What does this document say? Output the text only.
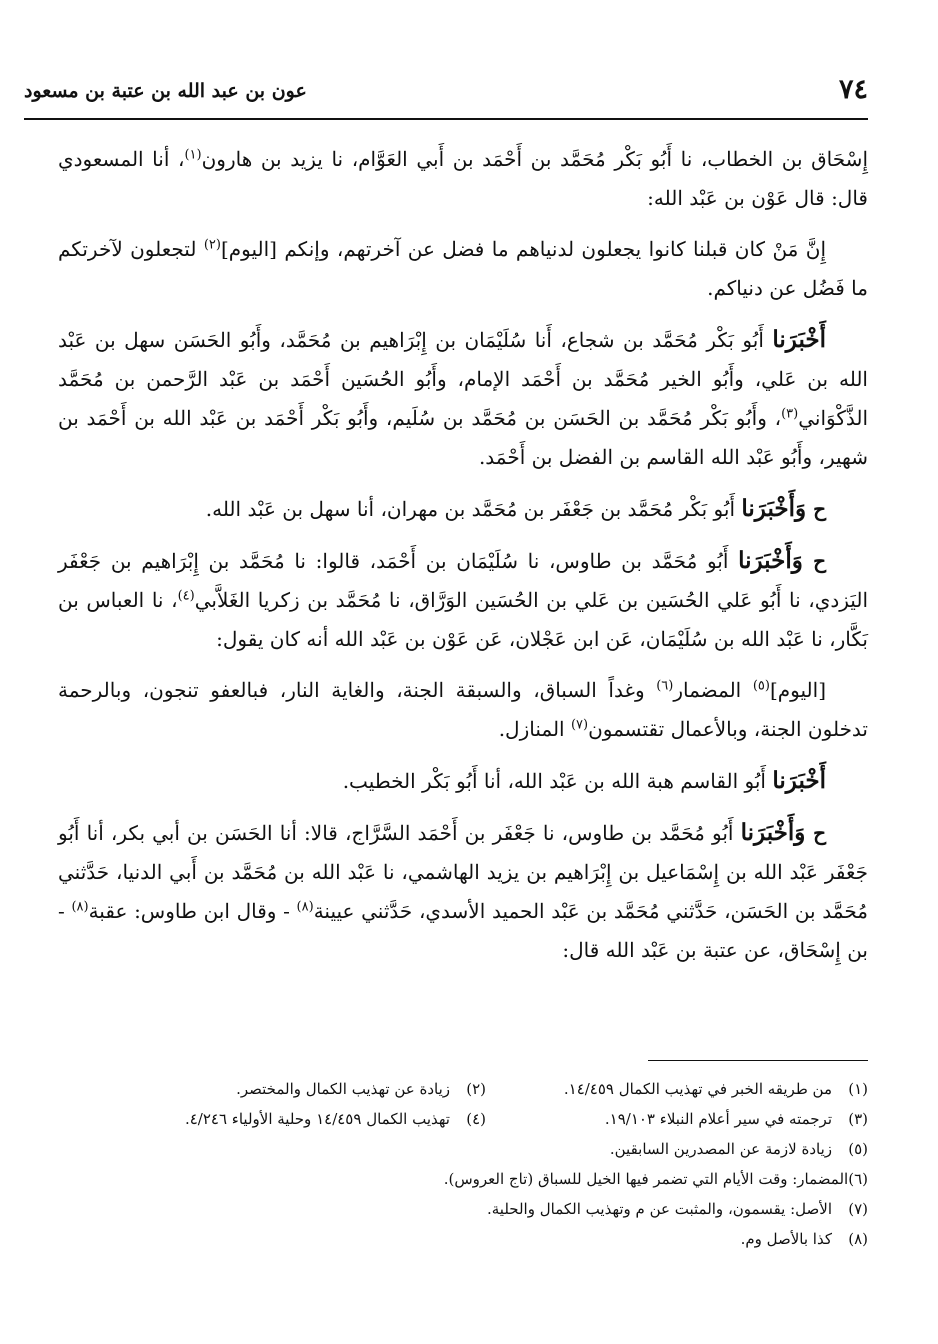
٧٤
عون بن عبد الله بن عتبة بن مسعود

إِسْحَاق بن الخطاب، نا أَبُو بَكْر مُحَمَّد بن أَحْمَد بن أَبي العَوَّام، نا يزيد بن هارون$^{(١)}$، أنا المسعودي قال: قال عَوْن بن عَبْد الله:

إِنَّ مَنْ كان قبلنا كانوا يجعلون لدنياهم ما فضل عن آخرتهم، وإنكم [اليوم]$^{(٢)}$ لتجعلون لآخرتكم ما فَضُل عن دنياكم.

أَخْبَرَنا أَبُو بَكْر مُحَمَّد بن شجاع، أَنا سُلَيْمَان بن إِبْرَاهيم بن مُحَمَّد، وأَبُو الحَسَن سهل بن عَبْد الله بن عَلي، وأَبُو الخير مُحَمَّد بن أَحْمَد الإمام، وأَبُو الحُسَين أَحْمَد بن عَبْد الرَّحمن بن مُحَمَّد الذَّكْوَاني$^{(٣)}$، وأَبُو بَكْر مُحَمَّد بن الحَسَن بن مُحَمَّد بن سُلَيم، وأَبُو بَكْر أَحْمَد بن عَبْد الله بن أَحْمَد بن شهير، وأَبُو عَبْد الله القاسم بن الفضل بن أَحْمَد.

ح وَأَخْبَرَنا أَبُو بَكْر مُحَمَّد بن جَعْفَر بن مُحَمَّد بن مهران، أنا سهل بن عَبْد الله.

ح وَأَخْبَرَنا أَبُو مُحَمَّد بن طاوس، نا سُلَيْمَان بن أَحْمَد، قالوا: نا مُحَمَّد بن إِبْرَاهيم بن جَعْفَر اليَزدي، نا أَبُو عَلي الحُسَين بن عَلي بن الحُسَين الوَرَّاق، نا مُحَمَّد بن زكريا الغَلاَّبي$^{(٤)}$، نا العباس بن بَكَّار، نا عَبْد الله بن سُلَيْمَان، عَن ابن عَجْلان، عَن عَوْن بن عَبْد الله أنه كان يقول:

[اليوم]$^{(٥)}$ المضمار$^{(٦)}$ وغداً السباق، والسبقة الجنة، والغاية النار، فبالعفو تنجون، وبالرحمة تدخلون الجنة، وبالأعمال تقتسمون$^{(٧)}$ المنازل.

أَخْبَرَنا أَبُو القاسم هبة الله بن عَبْد الله، أنا أَبُو بَكْر الخطيب.

ح وَأَخْبَرَنا أَبُو مُحَمَّد بن طاوس، نا جَعْفَر بن أَحْمَد السَّرَّاج، قالا: أنا الحَسَن بن أبي بكر، أنا أَبُو جَعْفَر عَبْد الله بن إِسْمَاعيل بن إِبْرَاهيم بن يزيد الهاشمي، نا عَبْد الله بن مُحَمَّد بن أَبي الدنيا، حَدَّثني مُحَمَّد بن الحَسَن، حَدَّثني مُحَمَّد بن عَبْد الحميد الأسدي، حَدَّثني عيينة$^{(٨)}$ - وقال ابن طاوس: عقبة$^{(٨)}$ - بن إِسْحَاق، عن عتبة بن عَبْد الله قال:

(١)
من طريقه الخبر في تهذيب الكمال ١٤/٤٥٩.
(٢)
زيادة عن تهذيب الكمال والمختصر.
(٣)
ترجمته في سير أعلام النبلاء ١٩/١٠٣.
(٤)
تهذيب الكمال ١٤/٤٥٩ وحلية الأولياء ٤/٢٤٦.
(٥)
زيادة لازمة عن المصدرين السابقين.
(٦)
المضمار: وقت الأيام التي تضمر فيها الخيل للسباق (تاج العروس).
(٧)
الأصل: يقسمون، والمثبت عن م وتهذيب الكمال والحلية.
(٨)
كذا بالأصل وم.
